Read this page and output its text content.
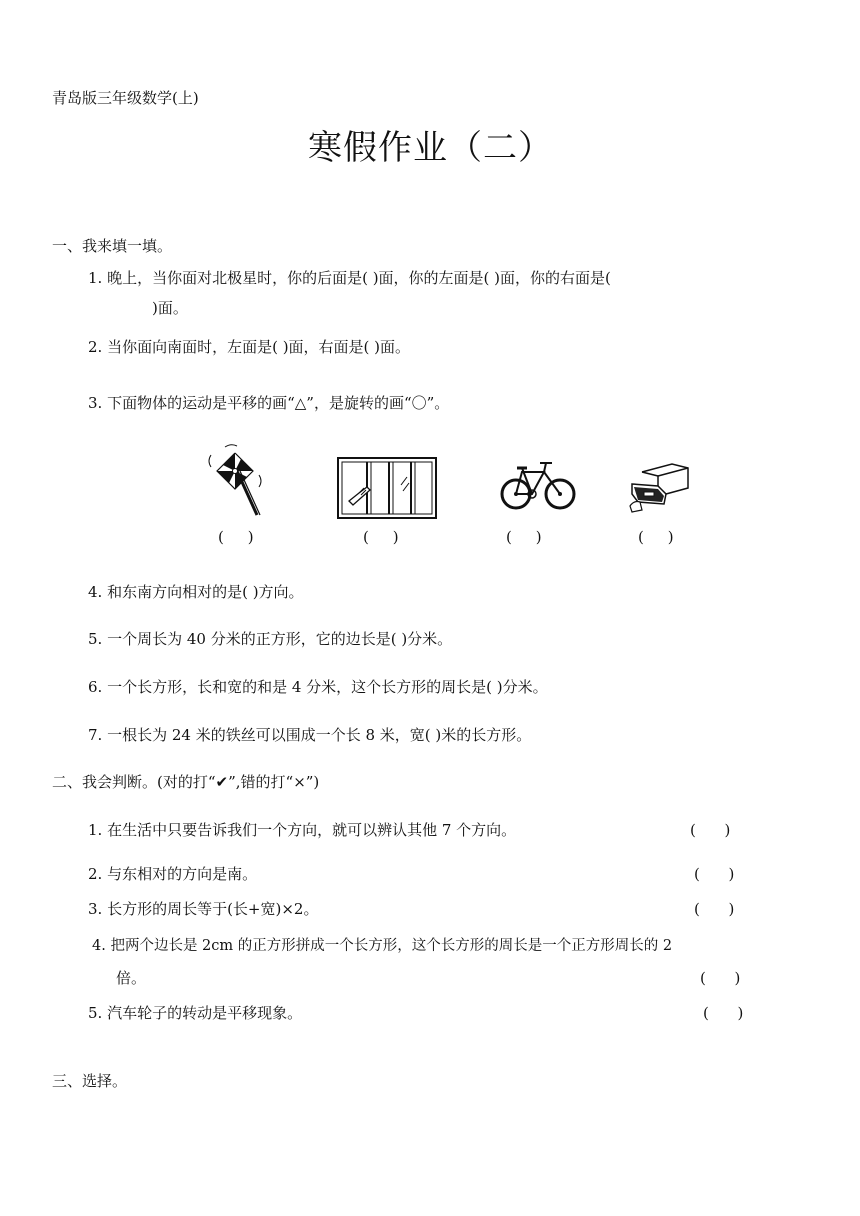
青岛版三年级数学(上)
寒假作业（二）
一、我来填一填。
1. 晚上，当你面对北极星时，你的后面是( )面，你的左面是( )面，你的右面是(
)面。
2. 当你面向南面时，左面是( )面，右面是( )面。
3. 下面物体的运动是平移的画“△”，是旋转的画“〇”。
(     )	(     )	(     )	(     )
4. 和东南方向相对的是( )方向。
5. 一个周长为 40 分米的正方形，它的边长是( )分米。
6. 一个长方形，长和宽的和是 4 分米，这个长方形的周长是( )分米。
7. 一根长为 24 米的铁丝可以围成一个长 8 米，宽( )米的长方形。
二、我会判断。(对的打“✔”,错的打“×”)
1. 在生活中只要告诉我们一个方向，就可以辨认其他 7 个方向。	(      )
2. 与东相对的方向是南。	(      )
3. 长方形的周长等于(长+宽)×2。	(      )
4. 把两个边长是 2cm 的正方形拼成一个长方形，这个长方形的周长是一个正方形周长的 2
倍。	(      )
5. 汽车轮子的转动是平移现象。	(      )
三、选择。
